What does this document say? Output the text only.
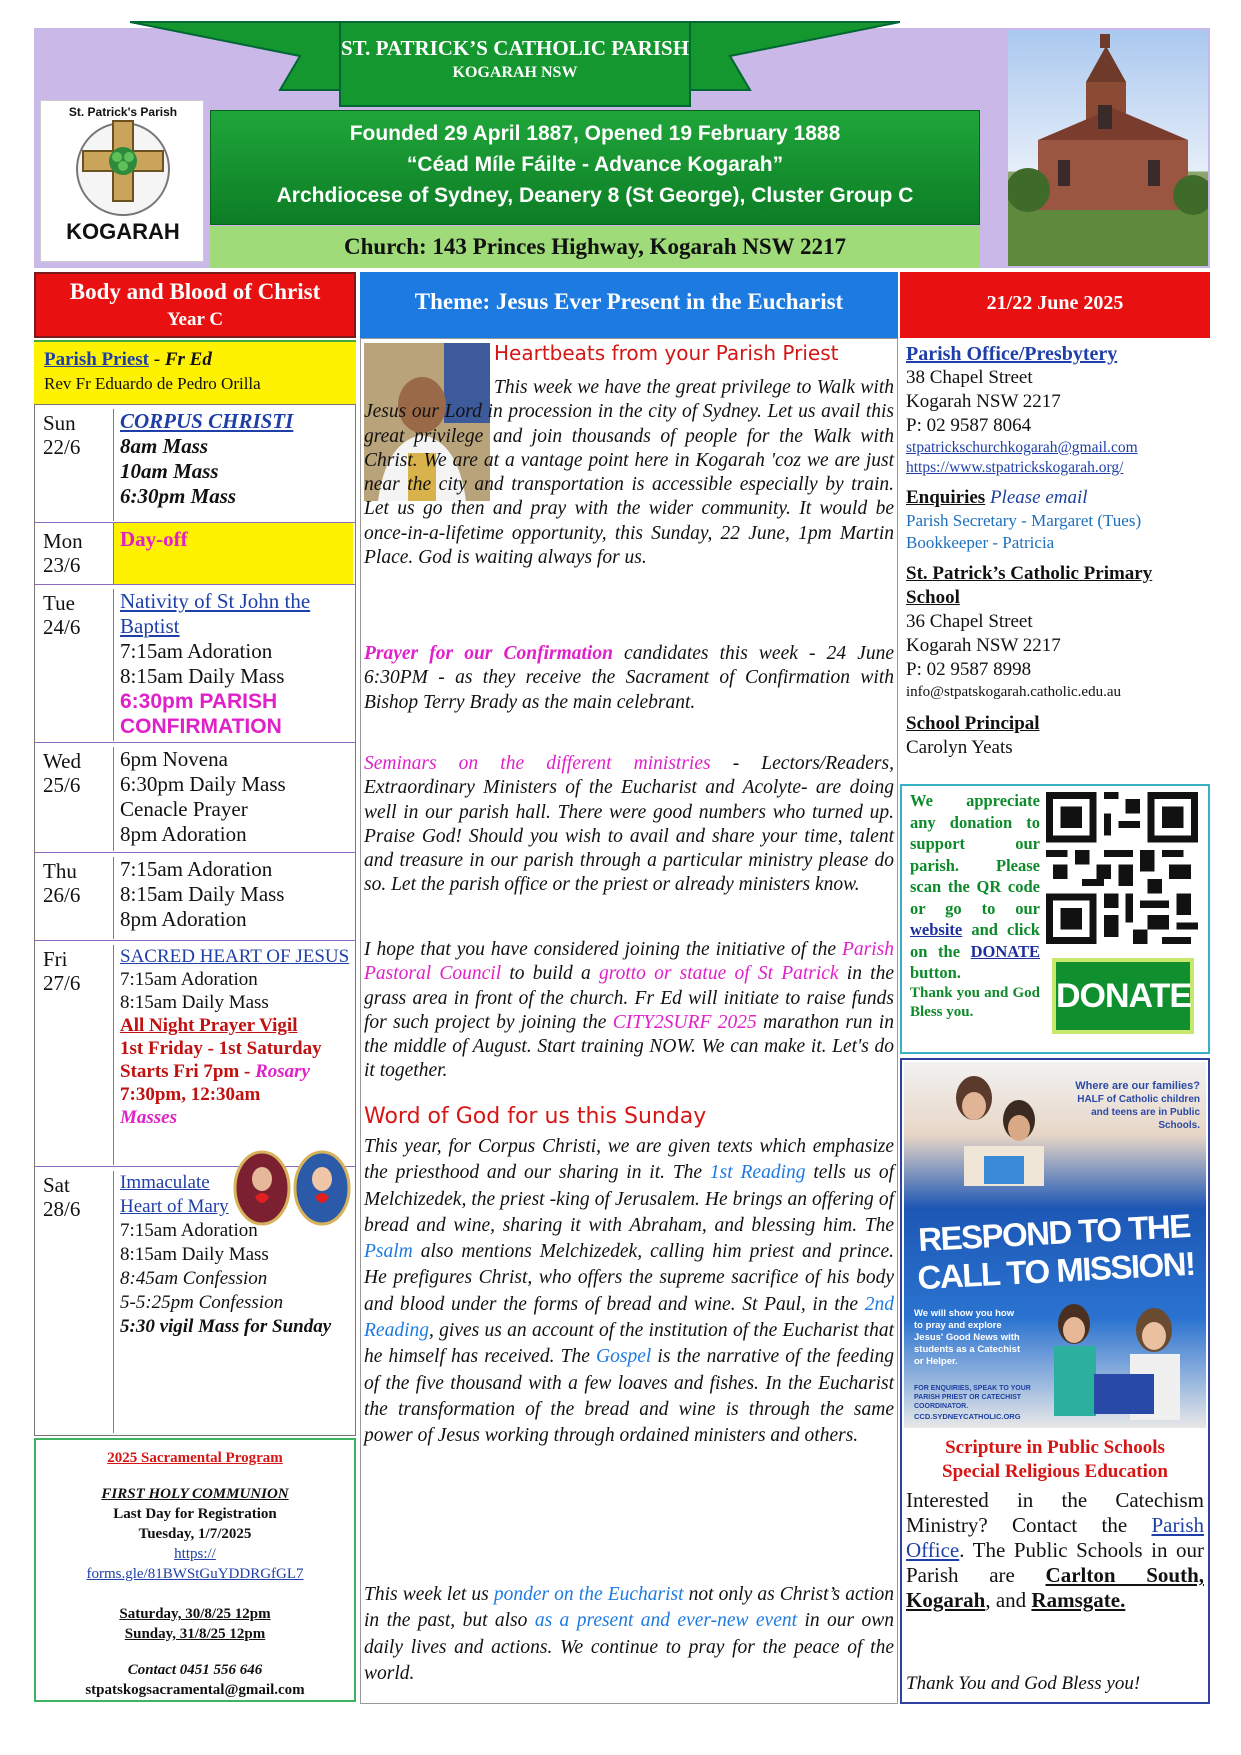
ST. PATRICK’S CATHOLIC PARISH
KOGARAH NSW
St. Patrick's Parish
KOGARAH
Founded 29 April 1887, Opened 19 February 1888
“Céad Míle Fáilte - Advance Kogarah”
Archdiocese of Sydney, Deanery 8 (St George), Cluster Group C
Church: 143 Princes Highway, Kogarah NSW 2217
Body and Blood of Christ
Year C
Theme: Jesus Ever Present in the Eucharist	21/22 June 2025
Parish Priest - Fr Ed
Rev Fr Eduardo de Pedro Orilla
Sun
22/6
CORPUS CHRISTI
8am Mass
10am Mass
6:30pm Mass
Mon
23/6
Day-off
Tue
24/6
Nativity of St John the Baptist
7:15am Adoration
8:15am Daily Mass
6:30pm PARISH CONFIRMATION
Wed
25/6
6pm Novena
6:30pm Daily Mass
Cenacle Prayer
8pm Adoration
Thu
26/6
7:15am Adoration
8:15am Daily Mass
8pm Adoration
Fri
27/6
SACRED HEART OF JESUS
7:15am Adoration
8:15am Daily Mass
All Night Prayer Vigil
1st Friday - 1st Saturday
Starts Fri 7pm - Rosary
7:30pm, 12:30am
Masses
Sat
28/6
Immaculate Heart of Mary
7:15am Adoration
8:15am Daily Mass
8:45am Confession
5-5:25pm Confession
5:30 vigil Mass for Sunday
2025 Sacramental Program
FIRST HOLY COMMUNION
Last Day for Registration
Tuesday, 1/7/2025
https://
forms.gle/81BWStGuYDDRGfGL7
Saturday, 30/8/25 12pm
Sunday, 31/8/25 12pm
Contact 0451 556 646
stpatskogsacramental@gmail.com
Heartbeats from your Parish Priest
This week we have the great privilege to Walk with Jesus our Lord in procession in the city of Sydney. Let us avail this great privilege and join thousands of people for the Walk with Christ. We are at a vantage point here in Kogarah 'coz we are just near the city and transportation is accessible especially by train. Let us go then and pray with the wider community. It would be once-in-a-lifetime opportunity, this Sunday, 22 June, 1pm Martin Place. God is waiting always for us.
Prayer for our Confirmation candidates this week - 24 June 6:30PM - as they receive the Sacrament of Confirmation with Bishop Terry Brady as the main celebrant.
Seminars on the different ministries - Lectors/Readers, Extraordinary Ministers of the Eucharist and Acolyte- are doing well in our parish hall. There were good numbers who turned up. Praise God! Should you wish to avail and share your time, talent and treasure in our parish through a particular ministry please do so. Let the parish office or the priest or already ministers know.
I hope that you have considered joining the initiative of the Parish Pastoral Council to build a grotto or statue of St Patrick in the grass area in front of the church. Fr Ed will initiate to raise funds for such project by joining the CITY2SURF 2025 marathon run in the middle of August. Start training NOW. We can make it. Let's do it together.
Word of God for us this Sunday
This year, for Corpus Christi, we are given texts which emphasize the priesthood and our sharing in it. The 1st Reading tells us of Melchizedek, the priest -king of Jerusalem. He brings an offering of bread and wine, sharing it with Abraham, and blessing him. The Psalm also mentions Melchizedek, calling him priest and prince. He prefigures Christ, who offers the supreme sacrifice of his body and blood under the forms of bread and wine. St Paul, in the 2nd Reading, gives us an account of the institution of the Eucharist that he himself has received. The Gospel is the narrative of the feeding of the five thousand with a few loaves and fishes. In the Eucharist the transformation of the bread and wine is through the same power of Jesus working through ordained ministers and others.
This week let us ponder on the Eucharist not only as Christ’s action in the past, but also as a present and ever-new event in our own daily lives and actions. We continue to pray for the peace of the world.
Parish Office/Presbytery
38 Chapel Street
Kogarah NSW 2217
P: 02 9587 8064
stpatrickschurchkogarah@gmail.com
https://www.stpatrickskogarah.org/
Enquiries Please email
Parish Secretary - Margaret (Tues)
Bookkeeper - Patricia
St. Patrick’s Catholic Primary School
36 Chapel Street
Kogarah NSW 2217
P: 02 9587 8998
info@stpatskogarah.catholic.edu.au
School Principal
Carolyn Yeats
We appreciate any donation to support our parish. Please scan the QR code or go to our website and click on the DONATE button.
Thank you and God Bless you.	DONATE
Where are our families?
HALF of Catholic children and teens are in Public Schools.
RESPOND TO THE
CALL TO MISSION!
We will show you how to pray and explore Jesus' Good News with students as a Catechist or Helper.
FOR ENQUIRIES, SPEAK TO YOUR PARISH PRIEST OR CATECHIST COORDINATOR.
CCD.SYDNEYCATHOLIC.ORG
Scripture in Public Schools
Special Religious Education
Interested in the Catechism Ministry? Contact the Parish Office. The Public Schools in our Parish are Carlton South, Kogarah, and Ramsgate.
Thank You and God Bless you!
